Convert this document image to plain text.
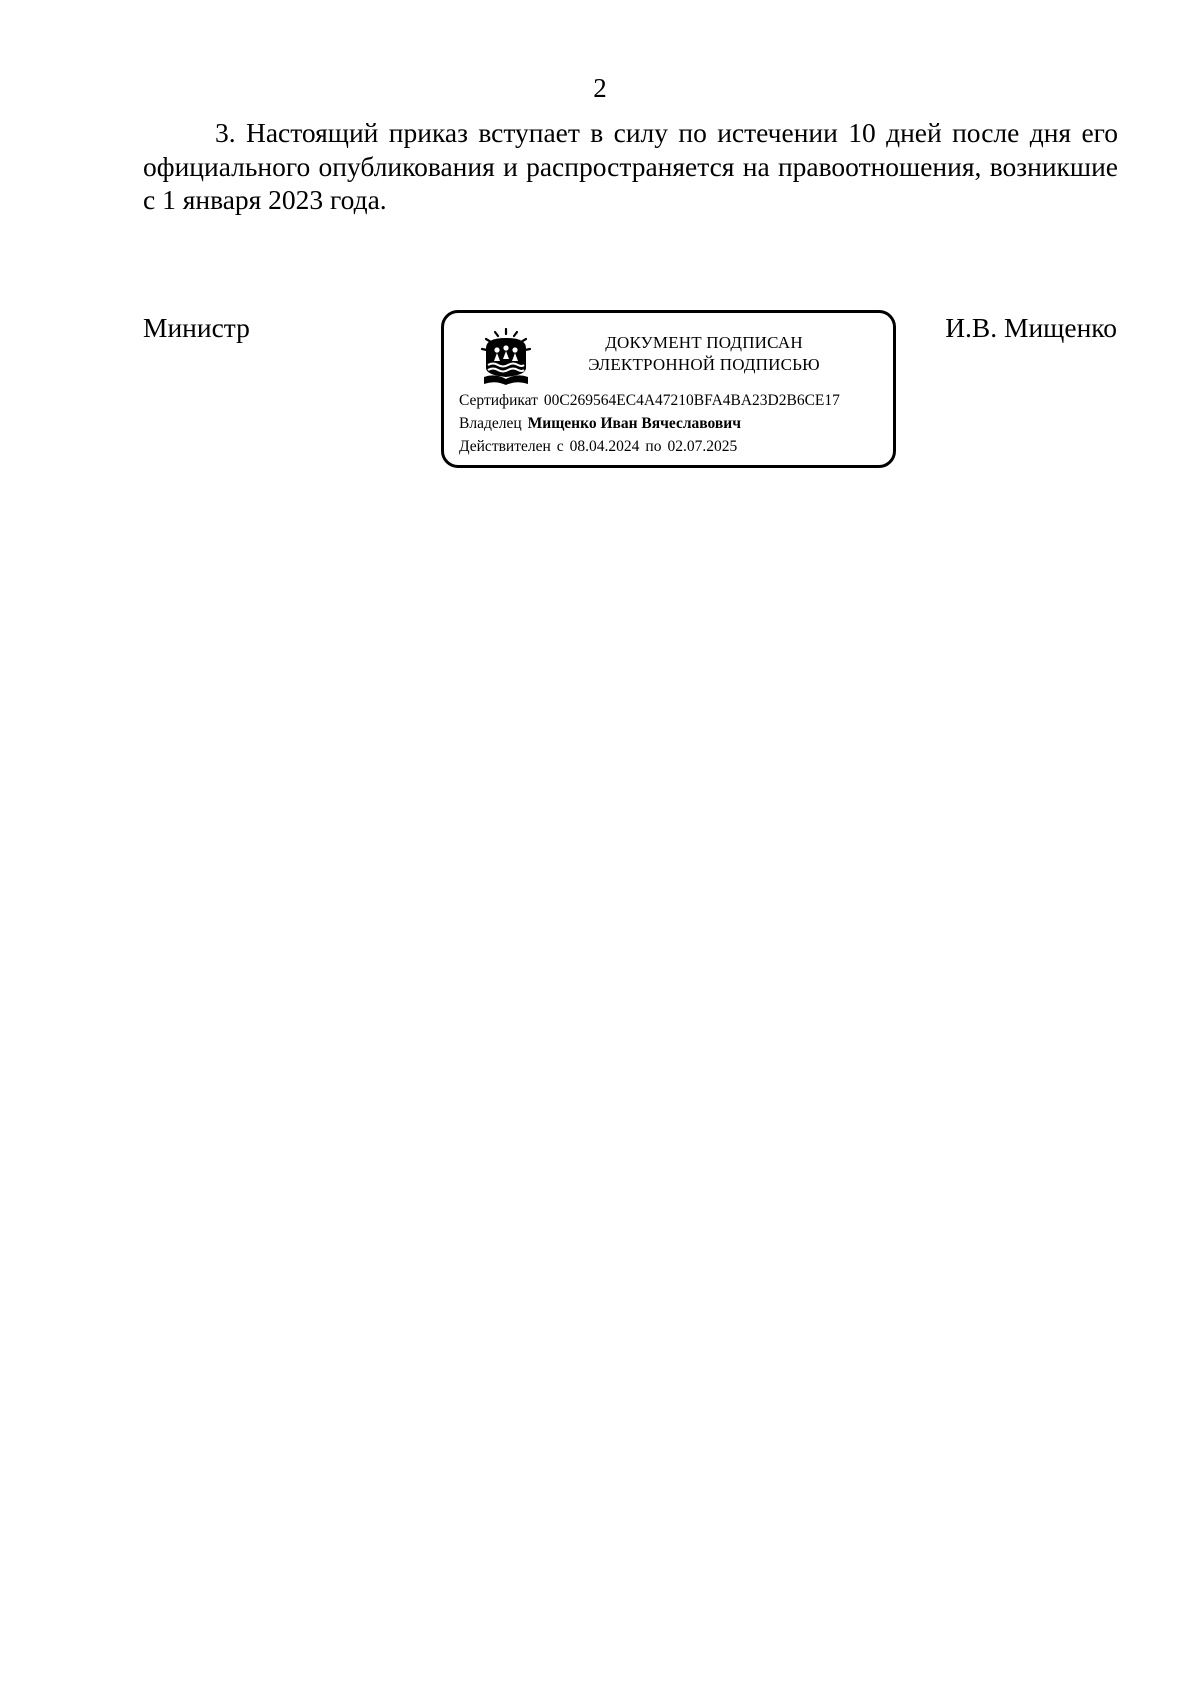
2
3. Настоящий приказ вступает в силу по истечении 10 дней после дня его официального опубликования и распространяется на правоотношения, возникшие с 1 января 2023 года.
Министр	ДОКУМЕНТ ПОДПИСАН
ЭЛЕКТРОННОЙ ПОДПИСЬЮ
Сертификат 00C269564EC4A47210BFA4BA23D2B6CE17
Владелец Мищенко Иван Вячеславович
Действителен с 08.04.2024 по 02.07.2025
И.В. Мищенко
